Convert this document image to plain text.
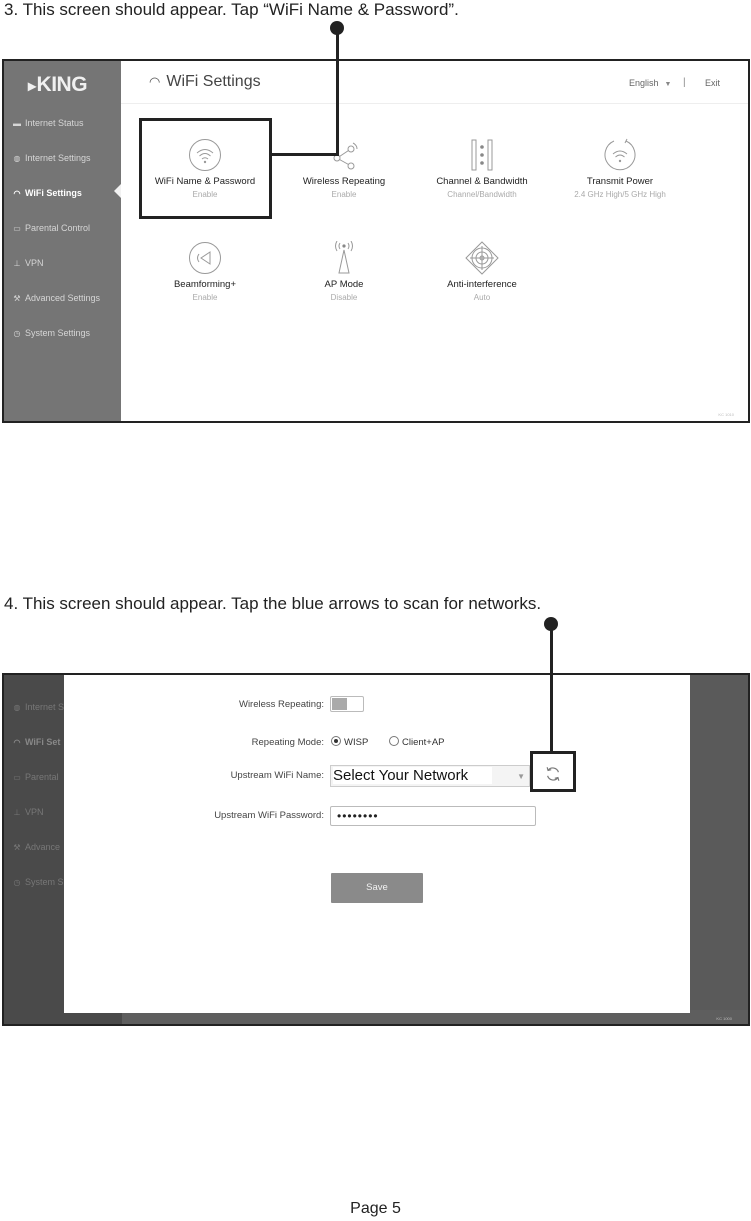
3. This screen should appear. Tap “WiFi Name & Password”.
▸KING
▬ Internet Status
◍ Internet Settings
◠ WiFi Settings
▭ Parental Control
⊥ VPN
⚒ Advanced Settings
◷ System Settings
◠ WiFi Settings	English ▼ | Exit
WiFi Name & Password
Enable
Wireless Repeating
Enable
Channel & Bandwidth
Channel/Bandwidth
Transmit Power
2.4 GHz High/5 GHz High
Beamforming+
Enable
AP Mode
Disable
Anti-interference
Auto
KC 1010
4. This screen should appear. Tap the blue arrows to scan for networks.
◍ Internet S
◠ WiFi Set
▭ Parental
⊥ VPN
⚒ Advance
◷ System S
KC 1000
Wireless Repeating:
Repeating Mode:	WISP	Client+AP
Upstream WiFi Name: Select Your Network	▼
Upstream WiFi Password: ••••••••
Save
Page 5
